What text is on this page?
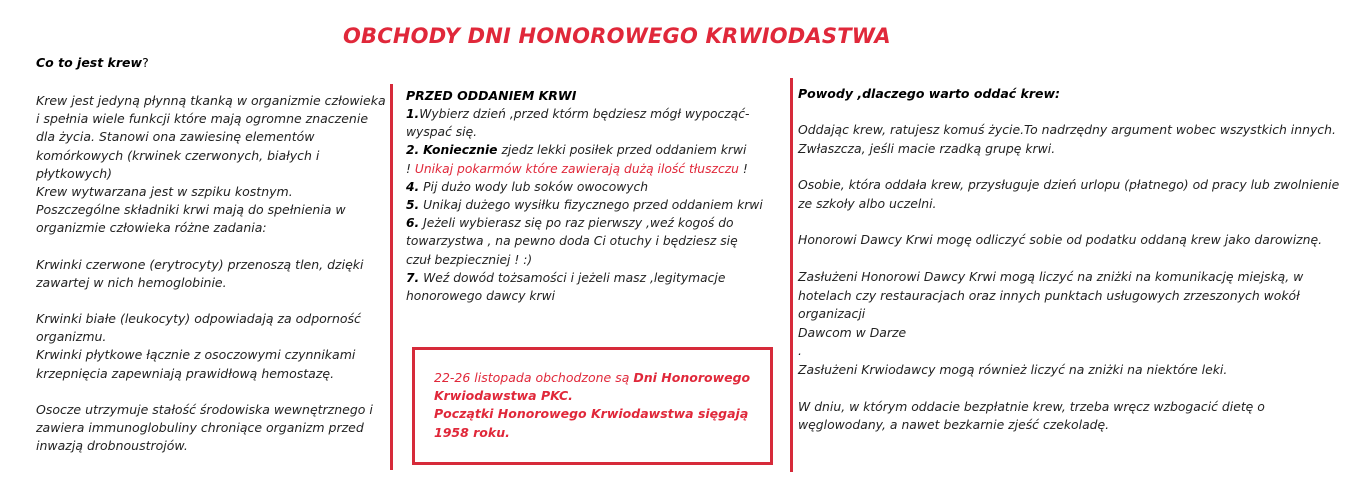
OBCHODY DNI HONOROWEGO KRWIODASTWA
Co to jest krew?

Krew jest jedyną płynną tkanką w organizmie człowieka i spełnia wiele funkcji które mają ogromne znaczenie dla życia. Stanowi ona zawiesinę elementów komórkowych (krwinek czerwonych, białych i płytkowych)

Krew wytwarzana jest w szpiku kostnym.

Poszczególne składniki krwi mają do spełnienia w organizmie człowieka różne zadania:

Krwinki czerwone (erytrocyty) przenoszą tlen, dzięki zawartej w nich hemoglobinie.

Krwinki białe (leukocyty) odpowiadają za odporność organizmu.

Krwinki płytkowe łącznie z osoczowymi czynnikami krzepnięcia zapewniają prawidłową hemostazę.

Osocze utrzymuje stałość środowiska wewnętrznego i zawiera immunoglobuliny chroniące organizm przed inwazją drobnoustrojów.

PRZED ODDANIEM KRWI
1.Wybierz dzień ,przed którm będziesz mógł wypocząć-
wyspać się.
2. Koniecznie zjedz lekki posiłek przed oddaniem krwi
! Unikaj pokarmów które zawierają dużą ilość tłuszczu !
4. Pij dużo wody lub soków owocowych
5. Unikaj dużego wysiłku fizycznego przed oddaniem krwi
6. Jeżeli wybierasz się po raz pierwszy ,weź kogoś do
towarzystwa , na pewno doda Ci otuchy i będziesz się
czuł bezpieczniej ! :)
7. Weź dowód tożsamości i jeżeli masz ,legitymacje
honorowego dawcy krwi
22-26 listopada obchodzone są Dni Honorowego Krwiodawstwa PKC.
Początki Honorowego Krwiodawstwa sięgają 1958 roku.
Powody ,dlaczego warto oddać krew:

Oddając krew, ratujesz komuś życie.To nadrzędny argument wobec wszystkich innych. Zwłaszcza, jeśli macie rzadką grupę krwi.

Osobie, która oddała krew, przysługuje dzień urlopu (płatnego) od pracy lub zwolnienie ze szkoły albo uczelni.

Honorowi Dawcy Krwi mogę odliczyć sobie od podatku oddaną krew jako darowiznę.

Zasłużeni Honorowi Dawcy Krwi mogą liczyć na zniżki na komunikację miejską, w hotelach czy restauracjach oraz innych punktach usługowych zrzeszonych wokół organizacji

Dawcom w Darze

.

Zasłużeni Krwiodawcy mogą również liczyć na zniżki na niektóre leki.

W dniu, w którym oddacie bezpłatnie krew, trzeba wręcz wzbogacić dietę o węglowodany, a nawet bezkarnie zjeść czekoladę.
